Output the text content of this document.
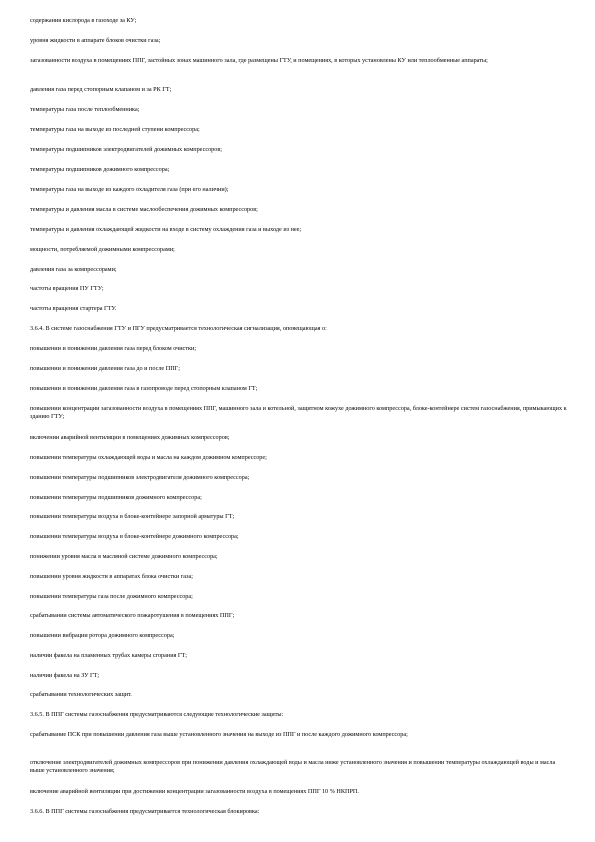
содержания кислорода в газоходе за КУ;
уровня жидкости в аппарате блоков очистки газа;
загазованности воздуха в помещениях ППГ, застойных зонах машинного зала, где размещены ГТУ, и помещениях, в которых установлены КУ или теплообменные аппараты;
давления газа перед стопорным клапаном и за РК ГТ;
температуры газа после теплообменника;
температуры газа на выходе из последней ступени компрессора;
температуры подшипников электродвигателей дожимных компрессоров;
температуры подшипников дожимного компрессора;
температуры газа на выходе из каждого охладителя газа (при его наличии);
температуры и давления масла в системе маслообеспечения дожимных компрессоров;
температуры и давления охлаждающей жидкости на входе в систему охлаждения газа и выходе из нее;
мощности, потребляемой дожимными компрессорами;
давления газа за компрессорами;
частоты вращения ПУ ГТУ;
частоты вращения стартера ГТУ.
3.6.4. В системе газоснабжения ГТУ и ПГУ предусматривается технологическая сигнализация, оповещающая о:
повышении и понижении давления газа перед блоком очистки;
повышении и понижении давления газа до и после ППГ;
повышении и понижении давления газа в газопроводе перед стопорным клапаном ГТ;
повышении концентрации загазованности воздуха в помещениях ППГ, машинного зала и котельной, защитном кожухе дожимного компрессора, блоке-контейнере систем газоснабжения, примыкающих к зданию ГТУ;
включении аварийной вентиляции в помещениях дожимных компрессоров;
повышении температуры охлаждающей воды и масла на каждом дожимном компрессоре;
повышении температуры подшипников электродвигателя дожимного компрессора;
повышении температуры подшипников дожимного компрессора;
повышении температуры воздуха в блоке-контейнере запорной арматуры ГТ;
повышении температуры воздуха в блоке-контейнере дожимного компрессора;
понижении уровня масла в масляной системе дожимного компрессора;
повышении уровня жидкости в аппаратах блока очистки газа;
повышении температуры газа после дожимного компрессора;
срабатывании системы автоматического пожаротушения в помещениях ППГ;
повышении вибрации ротора дожимного компрессора;
наличии факела на пламенных трубах камеры сгорания ГТ;
наличии факела на ЗУ ГТ;
срабатывании технологических защит.
3.6.5. В ППГ системы газоснабжения предусматриваются следующие технологические защиты:
срабатывание ПСК при повышении давления газа выше установленного значения на выходе из ППГ и после каждого дожимного компрессора;
отключение электродвигателей дожимных компрессоров при понижении давления охлаждающей воды и масла ниже установленного значения и повышении температуры охлаждающей воды и масла выше установленного значения;
включение аварийной вентиляции при достижении концентрации загазованности воздуха в помещениях ППГ 10 % НКПРП.
3.6.6. В ППГ системы газоснабжения предусматривается технологическая блокировка:
